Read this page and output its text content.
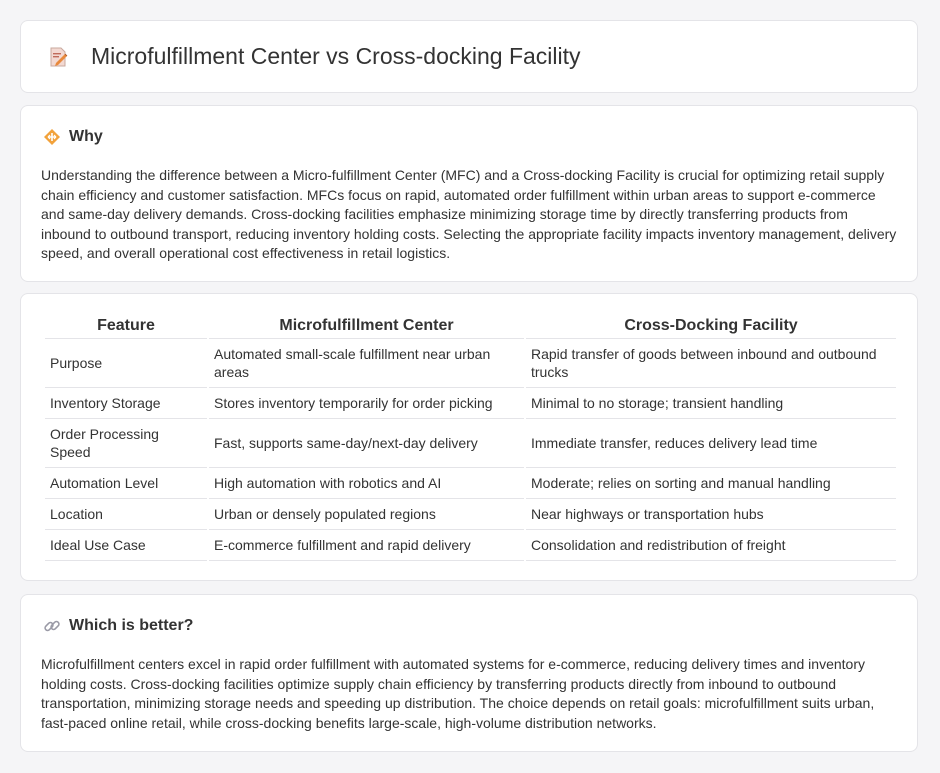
Microfulfillment Center vs Cross-docking Facility
Why

Understanding the difference between a Micro-fulfillment Center (MFC) and a Cross-docking Facility is crucial for optimizing retail supply chain efficiency and customer satisfaction. MFCs focus on rapid, automated order fulfillment within urban areas to support e-commerce and same-day delivery demands. Cross-docking facilities emphasize minimizing storage time by directly transferring products from inbound to outbound transport, reducing inventory holding costs. Selecting the appropriate facility impacts inventory management, delivery speed, and overall operational cost effectiveness in retail logistics.

Feature	Microfulfillment Center	Cross-Docking Facility
Purpose	Automated small-scale fulfillment near urban areas	Rapid transfer of goods between inbound and outbound trucks
Inventory Storage	Stores inventory temporarily for order picking	Minimal to no storage; transient handling
Order Processing Speed	Fast, supports same-day/next-day delivery	Immediate transfer, reduces delivery lead time
Automation Level	High automation with robotics and AI	Moderate; relies on sorting and manual handling
Location	Urban or densely populated regions	Near highways or transportation hubs
Ideal Use Case	E-commerce fulfillment and rapid delivery	Consolidation and redistribution of freight
Which is better?

Microfulfillment centers excel in rapid order fulfillment with automated systems for e-commerce, reducing delivery times and inventory holding costs. Cross-docking facilities optimize supply chain efficiency by transferring products directly from inbound to outbound transportation, minimizing storage needs and speeding up distribution. The choice depends on retail goals: microfulfillment suits urban, fast-paced online retail, while cross-docking benefits large-scale, high-volume distribution networks.
